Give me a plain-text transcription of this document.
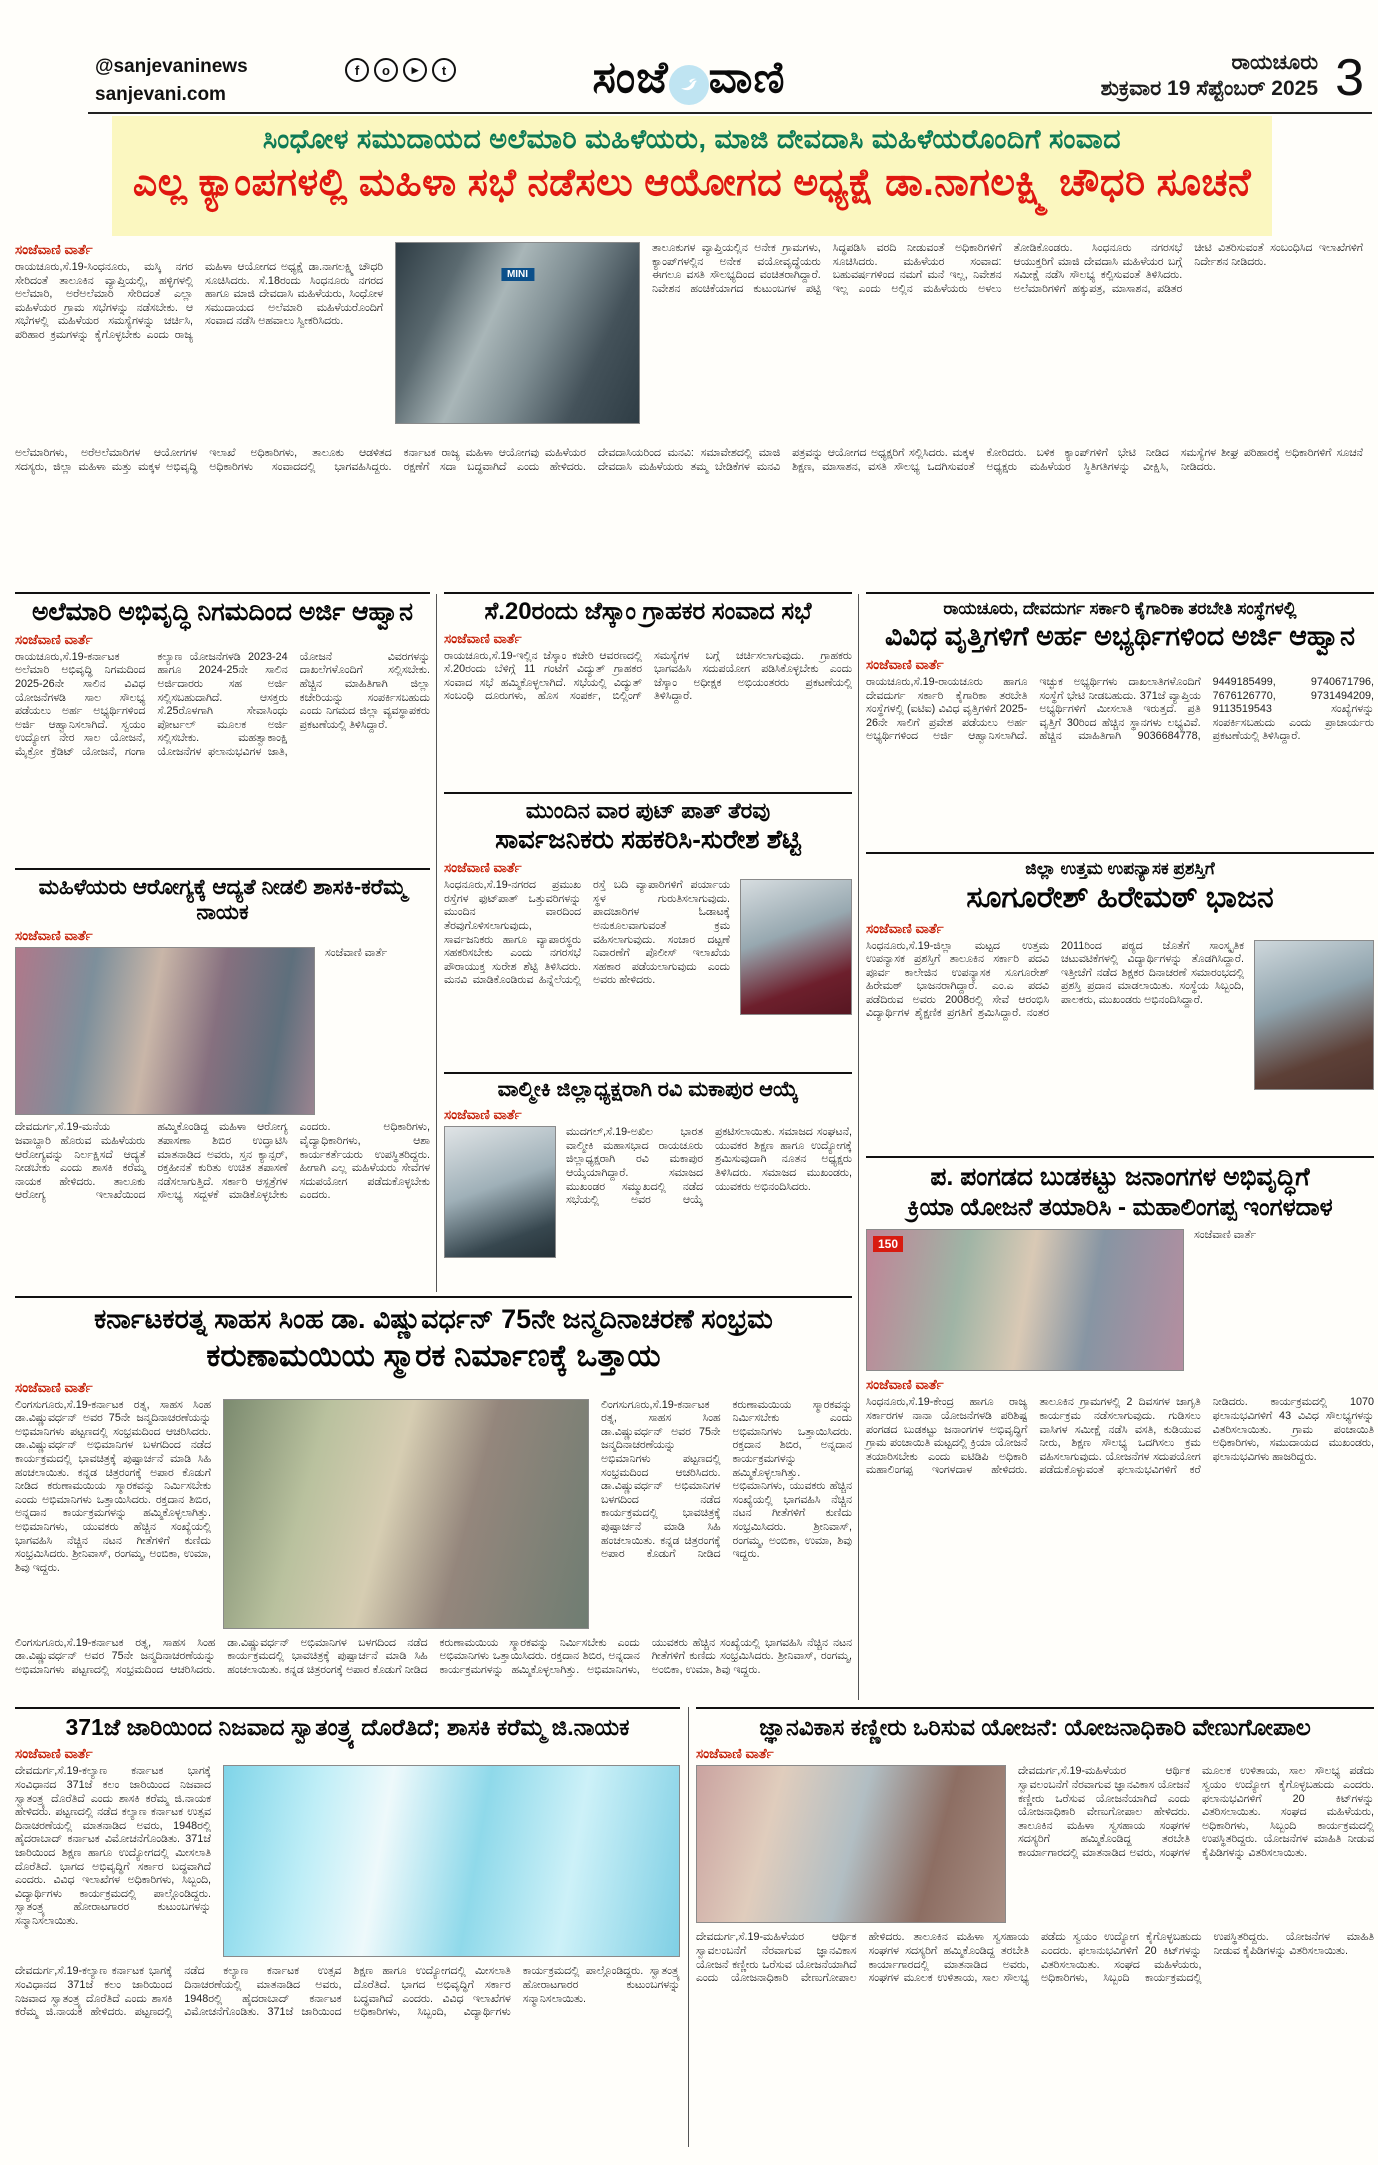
@sanjevaninews	f	o	▸	t
sanjevani.com	ಸಂಜೆ ವಾಣಿ	ರಾಯಚೂರು
ಶುಕ್ರವಾರ 19 ಸೆಪ್ಟೆಂಬರ್ 2025 3
ಸಿಂಧೋಳ ಸಮುದಾಯದ ಅಲೆಮಾರಿ ಮಹಿಳೆಯರು, ಮಾಜಿ ದೇವದಾಸಿ ಮಹಿಳೆಯರೊಂದಿಗೆ ಸಂವಾದ
ಎಲ್ಲ ಕ್ಯಾಂಪಗಳಲ್ಲಿ ಮಹಿಳಾ ಸಭೆ ನಡೆಸಲು ಆಯೋಗದ ಅಧ್ಯಕ್ಷೆ ಡಾ.ನಾಗಲಕ್ಷ್ಮಿ ಚೌಧರಿ ಸೂಚನೆ
ಸಂಜೆವಾಣಿ ವಾರ್ತೆ
ರಾಯಚೂರು,ಸೆ.19-ಸಿಂಧನೂರು, ಮಸ್ಕಿ ನಗರ ಸೇರಿದಂತೆ ತಾಲೂಕಿನ ವ್ಯಾಪ್ತಿಯಲ್ಲಿ, ಹಳ್ಳಿಗಳಲ್ಲಿ ಅಲೆಮಾರಿ, ಅರೆಅಲೆಮಾರಿ ಸೇರಿದಂತೆ ಎಲ್ಲಾ ಮಹಿಳೆಯರ ಗ್ರಾಮ ಸಭೆಗಳನ್ನು ನಡೆಸಬೇಕು. ಆ ಸಭೆಗಳಲ್ಲಿ ಮಹಿಳೆಯರ ಸಮಸ್ಯೆಗಳನ್ನು ಚರ್ಚಿಸಿ, ಪರಿಹಾರ ಕ್ರಮಗಳನ್ನು ಕೈಗೊಳ್ಳಬೇಕು ಎಂದು ರಾಜ್ಯ ಮಹಿಳಾ ಆಯೋಗದ ಅಧ್ಯಕ್ಷೆ ಡಾ.ನಾಗಲಕ್ಷ್ಮಿ ಚೌಧರಿ ಸೂಚಿಸಿದರು. ಸೆ.18ರಂದು ಸಿಂಧನೂರು ನಗರದ ಹಾಗೂ ಮಾಜಿ ದೇವದಾಸಿ ಮಹಿಳೆಯರು, ಸಿಂಧೋಳ ಸಮುದಾಯದ ಅಲೆಮಾರಿ ಮಹಿಳೆಯರೊಂದಿಗೆ ಸಂವಾದ ನಡೆಸಿ ಅಹವಾಲು ಸ್ವೀಕರಿಸಿದರು.
MINI
ತಾಲೂಕುಗಳ ವ್ಯಾಪ್ತಿಯಲ್ಲಿನ ಅನೇಕ ಗ್ರಾಮಗಳು, ಕ್ಯಾಂಪ್‌ಗಳಲ್ಲಿನ ಅನೇಕ ವಯೋವೃದ್ಧೆಯರು ಈಗಲೂ ವಸತಿ ಸೌಲಭ್ಯದಿಂದ ವಂಚಿತರಾಗಿದ್ದಾರೆ. ನಿವೇಶನ ಹಂಚಿಕೆಯಾಗದ ಕುಟುಂಬಗಳ ಪಟ್ಟಿ ಸಿದ್ಧಪಡಿಸಿ ವರದಿ ನೀಡುವಂತೆ ಅಧಿಕಾರಿಗಳಿಗೆ ಸೂಚಿಸಿದರು. ಮಹಿಳೆಯರ ಸಂವಾದ: ಬಹುವರ್ಷಗಳಿಂದ ನಮಗೆ ಮನೆ ಇಲ್ಲ, ನಿವೇಶನ ಇಲ್ಲ ಎಂದು ಅಲ್ಲಿನ ಮಹಿಳೆಯರು ಅಳಲು ತೋಡಿಕೊಂಡರು. ಸಿಂಧನೂರು ನಗರಸಭೆ ಆಯುಕ್ತರಿಗೆ ಮಾಜಿ ದೇವದಾಸಿ ಮಹಿಳೆಯರ ಬಗ್ಗೆ ಸಮೀಕ್ಷೆ ನಡೆಸಿ ಸೌಲಭ್ಯ ಕಲ್ಪಿಸುವಂತೆ ತಿಳಿಸಿದರು. ಅಲೆಮಾರಿಗಳಿಗೆ ಹಕ್ಕುಪತ್ರ, ಮಾಸಾಶನ, ಪಡಿತರ ಚೀಟಿ ವಿತರಿಸುವಂತೆ ಸಂಬಂಧಿಸಿದ ಇಲಾಖೆಗಳಿಗೆ ನಿರ್ದೇಶನ ನೀಡಿದರು.
ಅಲೆಮಾರಿಗಳು, ಅರೆಅಲೆಮಾರಿಗಳ ಆಯೋಗಗಳ ಸದಸ್ಯರು, ಜಿಲ್ಲಾ ಮಹಿಳಾ ಮತ್ತು ಮಕ್ಕಳ ಅಭಿವೃದ್ಧಿ ಇಲಾಖೆ ಅಧಿಕಾರಿಗಳು, ತಾಲೂಕು ಆಡಳಿತದ ಅಧಿಕಾರಿಗಳು ಸಂವಾದದಲ್ಲಿ ಭಾಗವಹಿಸಿದ್ದರು. ಕರ್ನಾಟಕ ರಾಜ್ಯ ಮಹಿಳಾ ಆಯೋಗವು ಮಹಿಳೆಯರ ರಕ್ಷಣೆಗೆ ಸದಾ ಬದ್ಧವಾಗಿದೆ ಎಂದು ಹೇಳಿದರು. ದೇವದಾಸಿಯರಿಂದ ಮನವಿ: ಸಮಾವೇಶದಲ್ಲಿ ಮಾಜಿ ದೇವದಾಸಿ ಮಹಿಳೆಯರು ತಮ್ಮ ಬೇಡಿಕೆಗಳ ಮನವಿ ಪತ್ರವನ್ನು ಆಯೋಗದ ಅಧ್ಯಕ್ಷರಿಗೆ ಸಲ್ಲಿಸಿದರು. ಮಕ್ಕಳ ಶಿಕ್ಷಣ, ಮಾಸಾಶನ, ವಸತಿ ಸೌಲಭ್ಯ ಒದಗಿಸುವಂತೆ ಕೋರಿದರು. ಬಳಿಕ ಕ್ಯಾಂಪ್‌ಗಳಿಗೆ ಭೇಟಿ ನೀಡಿದ ಅಧ್ಯಕ್ಷರು ಮಹಿಳೆಯರ ಸ್ಥಿತಿಗತಿಗಳನ್ನು ವೀಕ್ಷಿಸಿ, ಸಮಸ್ಯೆಗಳ ಶೀಘ್ರ ಪರಿಹಾರಕ್ಕೆ ಅಧಿಕಾರಿಗಳಿಗೆ ಸೂಚನೆ ನೀಡಿದರು.
ಅಲೆಮಾರಿ ಅಭಿವೃದ್ಧಿ ನಿಗಮದಿಂದ ಅರ್ಜಿ ಆಹ್ವಾನ
ಸಂಜೆವಾಣಿ ವಾರ್ತೆ
ರಾಯಚೂರು,ಸೆ.19-ಕರ್ನಾಟಕ ಅಲೆಮಾರಿ ಅಭಿವೃದ್ಧಿ ನಿಗಮದಿಂದ 2025-26ನೇ ಸಾಲಿನ ವಿವಿಧ ಯೋಜನೆಗಳಡಿ ಸಾಲ ಸೌಲಭ್ಯ ಪಡೆಯಲು ಅರ್ಹ ಅಭ್ಯರ್ಥಿಗಳಿಂದ ಅರ್ಜಿ ಆಹ್ವಾನಿಸಲಾಗಿದೆ. ಸ್ವಯಂ ಉದ್ಯೋಗ ನೇರ ಸಾಲ ಯೋಜನೆ, ಮೈಕ್ರೋ ಕ್ರೆಡಿಟ್ ಯೋಜನೆ, ಗಂಗಾ ಕಲ್ಯಾಣ ಯೋಜನೆಗಳಡಿ 2023-24 ಹಾಗೂ 2024-25ನೇ ಸಾಲಿನ ಅರ್ಜಿದಾರರು ಸಹ ಅರ್ಜಿ ಸಲ್ಲಿಸಬಹುದಾಗಿದೆ. ಆಸಕ್ತರು ಸೆ.25ರೊಳಗಾಗಿ ಸೇವಾಸಿಂಧು ಪೋರ್ಟಲ್ ಮೂಲಕ ಅರ್ಜಿ ಸಲ್ಲಿಸಬೇಕು. ಮಹತ್ವಾಕಾಂಕ್ಷಿ ಯೋಜನೆಗಳ ಫಲಾನುಭವಿಗಳ ಜಾತಿ, ಯೋಜನೆ ವಿವರಗಳನ್ನು ದಾಖಲೆಗಳೊಂದಿಗೆ ಸಲ್ಲಿಸಬೇಕು. ಹೆಚ್ಚಿನ ಮಾಹಿತಿಗಾಗಿ ಜಿಲ್ಲಾ ಕಚೇರಿಯನ್ನು ಸಂಪರ್ಕಿಸಬಹುದು ಎಂದು ನಿಗಮದ ಜಿಲ್ಲಾ ವ್ಯವಸ್ಥಾಪಕರು ಪ್ರಕಟಣೆಯಲ್ಲಿ ತಿಳಿಸಿದ್ದಾರೆ.
ಮಹಿಳೆಯರು ಆರೋಗ್ಯಕ್ಕೆ ಆದ್ಯತೆ ನೀಡಲಿ ಶಾಸಕಿ-ಕರೆಮ್ಮ ನಾಯಕ
ಸಂಜೆವಾಣಿ ವಾರ್ತೆ
ಸಂಜೆವಾಣಿ ವಾರ್ತೆ
ದೇವದುರ್ಗ,ಸೆ.19-ಮನೆಯ ಜವಾಬ್ದಾರಿ ಹೊರುವ ಮಹಿಳೆಯರು ಆರೋಗ್ಯವನ್ನು ನಿರ್ಲಕ್ಷಿಸದೆ ಆದ್ಯತೆ ನೀಡಬೇಕು ಎಂದು ಶಾಸಕಿ ಕರೆಮ್ಮ ನಾಯಕ ಹೇಳಿದರು. ತಾಲೂಕು ಆರೋಗ್ಯ ಇಲಾಖೆಯಿಂದ ಹಮ್ಮಿಕೊಂಡಿದ್ದ ಮಹಿಳಾ ಆರೋಗ್ಯ ತಪಾಸಣಾ ಶಿಬಿರ ಉದ್ಘಾಟಿಸಿ ಮಾತನಾಡಿದ ಅವರು, ಸ್ತನ ಕ್ಯಾನ್ಸರ್, ರಕ್ತಹೀನತೆ ಕುರಿತು ಉಚಿತ ತಪಾಸಣೆ ನಡೆಸಲಾಗುತ್ತಿದೆ. ಸರ್ಕಾರಿ ಆಸ್ಪತ್ರೆಗಳ ಸೌಲಭ್ಯ ಸದ್ಬಳಕೆ ಮಾಡಿಕೊಳ್ಳಬೇಕು ಎಂದರು. ಅಧಿಕಾರಿಗಳು, ವೈದ್ಯಾಧಿಕಾರಿಗಳು, ಆಶಾ ಕಾರ್ಯಕರ್ತೆಯರು ಉಪಸ್ಥಿತರಿದ್ದರು. ಹೀಗಾಗಿ ಎಲ್ಲ ಮಹಿಳೆಯರು ಸೇವೆಗಳ ಸದುಪಯೋಗ ಪಡೆದುಕೊಳ್ಳಬೇಕು ಎಂದರು.
ಸೆ.20ರಂದು ಜೆಸ್ಕಾಂ ಗ್ರಾಹಕರ ಸಂವಾದ ಸಭೆ
ಸಂಜೆವಾಣಿ ವಾರ್ತೆ
ರಾಯಚೂರು,ಸೆ.19-ಇಲ್ಲಿನ ಜೆಸ್ಕಾಂ ಕಚೇರಿ ಆವರಣದಲ್ಲಿ ಸೆ.20ರಂದು ಬೆಳಿಗ್ಗೆ 11 ಗಂಟೆಗೆ ವಿದ್ಯುತ್ ಗ್ರಾಹಕರ ಸಂವಾದ ಸಭೆ ಹಮ್ಮಿಕೊಳ್ಳಲಾಗಿದೆ. ಸಭೆಯಲ್ಲಿ ವಿದ್ಯುತ್ ಸಂಬಂಧಿ ದೂರುಗಳು, ಹೊಸ ಸಂಪರ್ಕ, ಬಿಲ್ಲಿಂಗ್ ಸಮಸ್ಯೆಗಳ ಬಗ್ಗೆ ಚರ್ಚಿಸಲಾಗುವುದು. ಗ್ರಾಹಕರು ಭಾಗವಹಿಸಿ ಸದುಪಯೋಗ ಪಡಿಸಿಕೊಳ್ಳಬೇಕು ಎಂದು ಜೆಸ್ಕಾಂ ಅಧೀಕ್ಷಕ ಅಭಿಯಂತರರು ಪ್ರಕಟಣೆಯಲ್ಲಿ ತಿಳಿಸಿದ್ದಾರೆ.
ಮುಂದಿನ ವಾರ ಪುಟ್ ಪಾತ್ ತೆರವು
ಸಾರ್ವಜನಿಕರು ಸಹಕರಿಸಿ-ಸುರೇಶ ಶೆಟ್ಟಿ
ಸಂಜೆವಾಣಿ ವಾರ್ತೆ
ಸಿಂಧನೂರು,ಸೆ.19-ನಗರದ ಪ್ರಮುಖ ರಸ್ತೆಗಳ ಫುಟ್‌ಪಾತ್ ಒತ್ತುವರಿಗಳನ್ನು ಮುಂದಿನ ವಾರದಿಂದ ತೆರವುಗೊಳಿಸಲಾಗುವುದು, ಸಾರ್ವಜನಿಕರು ಹಾಗೂ ವ್ಯಾಪಾರಸ್ಥರು ಸಹಕರಿಸಬೇಕು ಎಂದು ನಗರಸಭೆ ಪೌರಾಯುಕ್ತ ಸುರೇಶ ಶೆಟ್ಟಿ ತಿಳಿಸಿದರು. ಮನವಿ ಮಾಡಿಕೊಂಡಿರುವ ಹಿನ್ನೆಲೆಯಲ್ಲಿ ರಸ್ತೆ ಬದಿ ವ್ಯಾಪಾರಿಗಳಿಗೆ ಪರ್ಯಾಯ ಸ್ಥಳ ಗುರುತಿಸಲಾಗುವುದು. ಪಾದಚಾರಿಗಳ ಓಡಾಟಕ್ಕೆ ಅನುಕೂಲವಾಗುವಂತೆ ಕ್ರಮ ವಹಿಸಲಾಗುವುದು. ಸಂಚಾರ ದಟ್ಟಣೆ ನಿವಾರಣೆಗೆ ಪೊಲೀಸ್ ಇಲಾಖೆಯ ಸಹಕಾರ ಪಡೆಯಲಾಗುವುದು ಎಂದು ಅವರು ಹೇಳಿದರು.
ವಾಲ್ಮೀಕಿ ಜಿಲ್ಲಾಧ್ಯಕ್ಷರಾಗಿ ರವಿ ಮಕಾಪುರ ಆಯ್ಕೆ
ಸಂಜೆವಾಣಿ ವಾರ್ತೆ
ಮುದಗಲ್,ಸೆ.19-ಅಖಿಲ ಭಾರತ ವಾಲ್ಮೀಕಿ ಮಹಾಸಭಾದ ರಾಯಚೂರು ಜಿಲ್ಲಾಧ್ಯಕ್ಷರಾಗಿ ರವಿ ಮಕಾಪುರ ಆಯ್ಕೆಯಾಗಿದ್ದಾರೆ. ಸಮಾಜದ ಮುಖಂಡರ ಸಮ್ಮುಖದಲ್ಲಿ ನಡೆದ ಸಭೆಯಲ್ಲಿ ಅವರ ಆಯ್ಕೆ ಪ್ರಕಟಿಸಲಾಯಿತು. ಸಮಾಜದ ಸಂಘಟನೆ, ಯುವಕರ ಶಿಕ್ಷಣ ಹಾಗೂ ಉದ್ಯೋಗಕ್ಕೆ ಶ್ರಮಿಸುವುದಾಗಿ ನೂತನ ಅಧ್ಯಕ್ಷರು ತಿಳಿಸಿದರು. ಸಮಾಜದ ಮುಖಂಡರು, ಯುವಕರು ಅಭಿನಂದಿಸಿದರು.
ರಾಯಚೂರು, ದೇವದುರ್ಗ ಸರ್ಕಾರಿ ಕೈಗಾರಿಕಾ ತರಬೇತಿ ಸಂಸ್ಥೆಗಳಲ್ಲಿ
ವಿವಿಧ ವೃತ್ತಿಗಳಿಗೆ ಅರ್ಹ ಅಭ್ಯರ್ಥಿಗಳಿಂದ ಅರ್ಜಿ ಆಹ್ವಾನ
ಸಂಜೆವಾಣಿ ವಾರ್ತೆ
ರಾಯಚೂರು,ಸೆ.19-ರಾಯಚೂರು ಹಾಗೂ ದೇವದುರ್ಗ ಸರ್ಕಾರಿ ಕೈಗಾರಿಕಾ ತರಬೇತಿ ಸಂಸ್ಥೆಗಳಲ್ಲಿ (ಐಟಿಐ) ವಿವಿಧ ವೃತ್ತಿಗಳಿಗೆ 2025-26ನೇ ಸಾಲಿಗೆ ಪ್ರವೇಶ ಪಡೆಯಲು ಅರ್ಹ ಅಭ್ಯರ್ಥಿಗಳಿಂದ ಅರ್ಜಿ ಆಹ್ವಾನಿಸಲಾಗಿದೆ. ಇಚ್ಛುಕ ಅಭ್ಯರ್ಥಿಗಳು ದಾಖಲಾತಿಗಳೊಂದಿಗೆ ಸಂಸ್ಥೆಗೆ ಭೇಟಿ ನೀಡಬಹುದು. 371ಜೆ ವ್ಯಾಪ್ತಿಯ ಅಭ್ಯರ್ಥಿಗಳಿಗೆ ಮೀಸಲಾತಿ ಇರುತ್ತದೆ. ಪ್ರತಿ ವೃತ್ತಿಗೆ 30ರಿಂದ ಹೆಚ್ಚಿನ ಸ್ಥಾನಗಳು ಲಭ್ಯವಿವೆ. ಹೆಚ್ಚಿನ ಮಾಹಿತಿಗಾಗಿ 9036684778, 9449185499, 9740671796, 7676126770, 9731494209, 9113519543 ಸಂಖ್ಯೆಗಳನ್ನು ಸಂಪರ್ಕಿಸಬಹುದು ಎಂದು ಪ್ರಾಚಾರ್ಯರು ಪ್ರಕಟಣೆಯಲ್ಲಿ ತಿಳಿಸಿದ್ದಾರೆ.
ಜಿಲ್ಲಾ ಉತ್ತಮ ಉಪನ್ಯಾಸಕ ಪ್ರಶಸ್ತಿಗೆ
ಸೂಗೂರೇಶ್ ಹಿರೇಮಠ್ ಭಾಜನ
ಸಂಜೆವಾಣಿ ವಾರ್ತೆ
ಸಿಂಧನೂರು,ಸೆ.19-ಜಿಲ್ಲಾ ಮಟ್ಟದ ಉತ್ತಮ ಉಪನ್ಯಾಸಕ ಪ್ರಶಸ್ತಿಗೆ ತಾಲೂಕಿನ ಸರ್ಕಾರಿ ಪದವಿ ಪೂರ್ವ ಕಾಲೇಜಿನ ಉಪನ್ಯಾಸಕ ಸೂಗೂರೇಶ್ ಹಿರೇಮಠ್ ಭಾಜನರಾಗಿದ್ದಾರೆ. ಎಂ.ಎ ಪದವಿ ಪಡೆದಿರುವ ಅವರು 2008ರಲ್ಲಿ ಸೇವೆ ಆರಂಭಿಸಿ ವಿದ್ಯಾರ್ಥಿಗಳ ಶೈಕ್ಷಣಿಕ ಪ್ರಗತಿಗೆ ಶ್ರಮಿಸಿದ್ದಾರೆ. ನಂತರ 2011ರಿಂದ ಪಠ್ಯದ ಜೊತೆಗೆ ಸಾಂಸ್ಕೃತಿಕ ಚಟುವಟಿಕೆಗಳಲ್ಲಿ ವಿದ್ಯಾರ್ಥಿಗಳನ್ನು ತೊಡಗಿಸಿದ್ದಾರೆ. ಇತ್ತೀಚೆಗೆ ನಡೆದ ಶಿಕ್ಷಕರ ದಿನಾಚರಣೆ ಸಮಾರಂಭದಲ್ಲಿ ಪ್ರಶಸ್ತಿ ಪ್ರದಾನ ಮಾಡಲಾಯಿತು. ಸಂಸ್ಥೆಯ ಸಿಬ್ಬಂದಿ, ಪಾಲಕರು, ಮುಖಂಡರು ಅಭಿನಂದಿಸಿದ್ದಾರೆ.
ಪ. ಪಂಗಡದ ಬುಡಕಟ್ಟು ಜನಾಂಗಗಳ ಅಭಿವೃದ್ಧಿಗೆ
ಕ್ರಿಯಾ ಯೋಜನೆ ತಯಾರಿಸಿ - ಮಹಾಲಿಂಗಪ್ಪ ಇಂಗಳದಾಳ
150
ಸಂಜೆವಾಣಿ ವಾರ್ತೆ
ಸಂಜೆವಾಣಿ ವಾರ್ತೆ
ಸಿಂಧನೂರು,ಸೆ.19-ಕೇಂದ್ರ ಹಾಗೂ ರಾಜ್ಯ ಸರ್ಕಾರಗಳ ನಾನಾ ಯೋಜನೆಗಳಡಿ ಪರಿಶಿಷ್ಟ ಪಂಗಡದ ಬುಡಕಟ್ಟು ಜನಾಂಗಗಳ ಅಭಿವೃದ್ಧಿಗೆ ಗ್ರಾಮ ಪಂಚಾಯಿತಿ ಮಟ್ಟದಲ್ಲಿ ಕ್ರಿಯಾ ಯೋಜನೆ ತಯಾರಿಸಬೇಕು ಎಂದು ಐಟಿಡಿಪಿ ಅಧಿಕಾರಿ ಮಹಾಲಿಂಗಪ್ಪ ಇಂಗಳದಾಳ ಹೇಳಿದರು. ತಾಲೂಕಿನ ಗ್ರಾಮಗಳಲ್ಲಿ 2 ದಿವಸಗಳ ಜಾಗೃತಿ ಕಾರ್ಯಕ್ರಮ ನಡೆಸಲಾಗುವುದು. ಗುಡಿಸಲು ವಾಸಿಗಳ ಸಮೀಕ್ಷೆ ನಡೆಸಿ ವಸತಿ, ಕುಡಿಯುವ ನೀರು, ಶಿಕ್ಷಣ ಸೌಲಭ್ಯ ಒದಗಿಸಲು ಕ್ರಮ ವಹಿಸಲಾಗುವುದು. ಯೋಜನೆಗಳ ಸದುಪಯೋಗ ಪಡೆದುಕೊಳ್ಳುವಂತೆ ಫಲಾನುಭವಿಗಳಿಗೆ ಕರೆ ನೀಡಿದರು. ಕಾರ್ಯಕ್ರಮದಲ್ಲಿ 1070 ಫಲಾನುಭವಿಗಳಿಗೆ 43 ವಿವಿಧ ಸೌಲಭ್ಯಗಳನ್ನು ವಿತರಿಸಲಾಯಿತು. ಗ್ರಾಮ ಪಂಚಾಯಿತಿ ಅಧಿಕಾರಿಗಳು, ಸಮುದಾಯದ ಮುಖಂಡರು, ಫಲಾನುಭವಿಗಳು ಹಾಜರಿದ್ದರು.
ಕರ್ನಾಟಕರತ್ನ ಸಾಹಸ ಸಿಂಹ ಡಾ. ವಿಷ್ಣುವರ್ಧನ್ 75ನೇ ಜನ್ಮದಿನಾಚರಣೆ ಸಂಭ್ರಮ
ಕರುಣಾಮಯಿಯ ಸ್ಮಾರಕ ನಿರ್ಮಾಣಕ್ಕೆ ಒತ್ತಾಯ
ಸಂಜೆವಾಣಿ ವಾರ್ತೆ
ಲಿಂಗಸುಗೂರು,ಸೆ.19-ಕರ್ನಾಟಕ ರತ್ನ, ಸಾಹಸ ಸಿಂಹ ಡಾ.ವಿಷ್ಣುವರ್ಧನ್ ಅವರ 75ನೇ ಜನ್ಮದಿನಾಚರಣೆಯನ್ನು ಅಭಿಮಾನಿಗಳು ಪಟ್ಟಣದಲ್ಲಿ ಸಂಭ್ರಮದಿಂದ ಆಚರಿಸಿದರು. ಡಾ.ವಿಷ್ಣುವರ್ಧನ್ ಅಭಿಮಾನಿಗಳ ಬಳಗದಿಂದ ನಡೆದ ಕಾರ್ಯಕ್ರಮದಲ್ಲಿ ಭಾವಚಿತ್ರಕ್ಕೆ ಪುಷ್ಪಾರ್ಚನೆ ಮಾಡಿ ಸಿಹಿ ಹಂಚಲಾಯಿತು. ಕನ್ನಡ ಚಿತ್ರರಂಗಕ್ಕೆ ಅಪಾರ ಕೊಡುಗೆ ನೀಡಿದ ಕರುಣಾಮಯಿಯ ಸ್ಮಾರಕವನ್ನು ನಿರ್ಮಿಸಬೇಕು ಎಂದು ಅಭಿಮಾನಿಗಳು ಒತ್ತಾಯಿಸಿದರು. ರಕ್ತದಾನ ಶಿಬಿರ, ಅನ್ನದಾನ ಕಾರ್ಯಕ್ರಮಗಳನ್ನು ಹಮ್ಮಿಕೊಳ್ಳಲಾಗಿತ್ತು. ಅಭಿಮಾನಿಗಳು, ಯುವಕರು ಹೆಚ್ಚಿನ ಸಂಖ್ಯೆಯಲ್ಲಿ ಭಾಗವಹಿಸಿ ನೆಚ್ಚಿನ ನಟನ ಗೀತೆಗಳಿಗೆ ಕುಣಿದು ಸಂಭ್ರಮಿಸಿದರು. ಶ್ರೀನಿವಾಸ್, ರಂಗಮ್ಮ, ಅಂಬಿಕಾ, ಉಮಾ, ಶಿವು ಇದ್ದರು.
ಲಿಂಗಸುಗೂರು,ಸೆ.19-ಕರ್ನಾಟಕ ರತ್ನ, ಸಾಹಸ ಸಿಂಹ ಡಾ.ವಿಷ್ಣುವರ್ಧನ್ ಅವರ 75ನೇ ಜನ್ಮದಿನಾಚರಣೆಯನ್ನು ಅಭಿಮಾನಿಗಳು ಪಟ್ಟಣದಲ್ಲಿ ಸಂಭ್ರಮದಿಂದ ಆಚರಿಸಿದರು. ಡಾ.ವಿಷ್ಣುವರ್ಧನ್ ಅಭಿಮಾನಿಗಳ ಬಳಗದಿಂದ ನಡೆದ ಕಾರ್ಯಕ್ರಮದಲ್ಲಿ ಭಾವಚಿತ್ರಕ್ಕೆ ಪುಷ್ಪಾರ್ಚನೆ ಮಾಡಿ ಸಿಹಿ ಹಂಚಲಾಯಿತು. ಕನ್ನಡ ಚಿತ್ರರಂಗಕ್ಕೆ ಅಪಾರ ಕೊಡುಗೆ ನೀಡಿದ ಕರುಣಾಮಯಿಯ ಸ್ಮಾರಕವನ್ನು ನಿರ್ಮಿಸಬೇಕು ಎಂದು ಅಭಿಮಾನಿಗಳು ಒತ್ತಾಯಿಸಿದರು. ರಕ್ತದಾನ ಶಿಬಿರ, ಅನ್ನದಾನ ಕಾರ್ಯಕ್ರಮಗಳನ್ನು ಹಮ್ಮಿಕೊಳ್ಳಲಾಗಿತ್ತು. ಅಭಿಮಾನಿಗಳು, ಯುವಕರು ಹೆಚ್ಚಿನ ಸಂಖ್ಯೆಯಲ್ಲಿ ಭಾಗವಹಿಸಿ ನೆಚ್ಚಿನ ನಟನ ಗೀತೆಗಳಿಗೆ ಕುಣಿದು ಸಂಭ್ರಮಿಸಿದರು. ಶ್ರೀನಿವಾಸ್, ರಂಗಮ್ಮ, ಅಂಬಿಕಾ, ಉಮಾ, ಶಿವು ಇದ್ದರು.
ಲಿಂಗಸುಗೂರು,ಸೆ.19-ಕರ್ನಾಟಕ ರತ್ನ, ಸಾಹಸ ಸಿಂಹ ಡಾ.ವಿಷ್ಣುವರ್ಧನ್ ಅವರ 75ನೇ ಜನ್ಮದಿನಾಚರಣೆಯನ್ನು ಅಭಿಮಾನಿಗಳು ಪಟ್ಟಣದಲ್ಲಿ ಸಂಭ್ರಮದಿಂದ ಆಚರಿಸಿದರು. ಡಾ.ವಿಷ್ಣುವರ್ಧನ್ ಅಭಿಮಾನಿಗಳ ಬಳಗದಿಂದ ನಡೆದ ಕಾರ್ಯಕ್ರಮದಲ್ಲಿ ಭಾವಚಿತ್ರಕ್ಕೆ ಪುಷ್ಪಾರ್ಚನೆ ಮಾಡಿ ಸಿಹಿ ಹಂಚಲಾಯಿತು. ಕನ್ನಡ ಚಿತ್ರರಂಗಕ್ಕೆ ಅಪಾರ ಕೊಡುಗೆ ನೀಡಿದ ಕರುಣಾಮಯಿಯ ಸ್ಮಾರಕವನ್ನು ನಿರ್ಮಿಸಬೇಕು ಎಂದು ಅಭಿಮಾನಿಗಳು ಒತ್ತಾಯಿಸಿದರು. ರಕ್ತದಾನ ಶಿಬಿರ, ಅನ್ನದಾನ ಕಾರ್ಯಕ್ರಮಗಳನ್ನು ಹಮ್ಮಿಕೊಳ್ಳಲಾಗಿತ್ತು. ಅಭಿಮಾನಿಗಳು, ಯುವಕರು ಹೆಚ್ಚಿನ ಸಂಖ್ಯೆಯಲ್ಲಿ ಭಾಗವಹಿಸಿ ನೆಚ್ಚಿನ ನಟನ ಗೀತೆಗಳಿಗೆ ಕುಣಿದು ಸಂಭ್ರಮಿಸಿದರು. ಶ್ರೀನಿವಾಸ್, ರಂಗಮ್ಮ, ಅಂಬಿಕಾ, ಉಮಾ, ಶಿವು ಇದ್ದರು.
371ಜೆ ಜಾರಿಯಿಂದ ನಿಜವಾದ ಸ್ವಾತಂತ್ರ್ಯ ದೊರೆತಿದೆ; ಶಾಸಕಿ ಕರೆಮ್ಮ ಜಿ.ನಾಯಕ
ಸಂಜೆವಾಣಿ ವಾರ್ತೆ
ದೇವದುರ್ಗ,ಸೆ.19-ಕಲ್ಯಾಣ ಕರ್ನಾಟಕ ಭಾಗಕ್ಕೆ ಸಂವಿಧಾನದ 371ಜೆ ಕಲಂ ಜಾರಿಯಿಂದ ನಿಜವಾದ ಸ್ವಾತಂತ್ರ್ಯ ದೊರೆತಿದೆ ಎಂದು ಶಾಸಕಿ ಕರೆಮ್ಮ ಜಿ.ನಾಯಕ ಹೇಳಿದರು. ಪಟ್ಟಣದಲ್ಲಿ ನಡೆದ ಕಲ್ಯಾಣ ಕರ್ನಾಟಕ ಉತ್ಸವ ದಿನಾಚರಣೆಯಲ್ಲಿ ಮಾತನಾಡಿದ ಅವರು, 1948ರಲ್ಲಿ ಹೈದರಾಬಾದ್ ಕರ್ನಾಟಕ ವಿಮೋಚನೆಗೊಂಡಿತು. 371ಜೆ ಜಾರಿಯಿಂದ ಶಿಕ್ಷಣ ಹಾಗೂ ಉದ್ಯೋಗದಲ್ಲಿ ಮೀಸಲಾತಿ ದೊರೆತಿದೆ. ಭಾಗದ ಅಭಿವೃದ್ಧಿಗೆ ಸರ್ಕಾರ ಬದ್ಧವಾಗಿದೆ ಎಂದರು. ವಿವಿಧ ಇಲಾಖೆಗಳ ಅಧಿಕಾರಿಗಳು, ಸಿಬ್ಬಂದಿ, ವಿದ್ಯಾರ್ಥಿಗಳು ಕಾರ್ಯಕ್ರಮದಲ್ಲಿ ಪಾಲ್ಗೊಂಡಿದ್ದರು. ಸ್ವಾತಂತ್ರ್ಯ ಹೋರಾಟಗಾರರ ಕುಟುಂಬಗಳನ್ನು ಸನ್ಮಾನಿಸಲಾಯಿತು.
ದೇವದುರ್ಗ,ಸೆ.19-ಕಲ್ಯಾಣ ಕರ್ನಾಟಕ ಭಾಗಕ್ಕೆ ಸಂವಿಧಾನದ 371ಜೆ ಕಲಂ ಜಾರಿಯಿಂದ ನಿಜವಾದ ಸ್ವಾತಂತ್ರ್ಯ ದೊರೆತಿದೆ ಎಂದು ಶಾಸಕಿ ಕರೆಮ್ಮ ಜಿ.ನಾಯಕ ಹೇಳಿದರು. ಪಟ್ಟಣದಲ್ಲಿ ನಡೆದ ಕಲ್ಯಾಣ ಕರ್ನಾಟಕ ಉತ್ಸವ ದಿನಾಚರಣೆಯಲ್ಲಿ ಮಾತನಾಡಿದ ಅವರು, 1948ರಲ್ಲಿ ಹೈದರಾಬಾದ್ ಕರ್ನಾಟಕ ವಿಮೋಚನೆಗೊಂಡಿತು. 371ಜೆ ಜಾರಿಯಿಂದ ಶಿಕ್ಷಣ ಹಾಗೂ ಉದ್ಯೋಗದಲ್ಲಿ ಮೀಸಲಾತಿ ದೊರೆತಿದೆ. ಭಾಗದ ಅಭಿವೃದ್ಧಿಗೆ ಸರ್ಕಾರ ಬದ್ಧವಾಗಿದೆ ಎಂದರು. ವಿವಿಧ ಇಲಾಖೆಗಳ ಅಧಿಕಾರಿಗಳು, ಸಿಬ್ಬಂದಿ, ವಿದ್ಯಾರ್ಥಿಗಳು ಕಾರ್ಯಕ್ರಮದಲ್ಲಿ ಪಾಲ್ಗೊಂಡಿದ್ದರು. ಸ್ವಾತಂತ್ರ್ಯ ಹೋರಾಟಗಾರರ ಕುಟುಂಬಗಳನ್ನು ಸನ್ಮಾನಿಸಲಾಯಿತು.
ಜ್ಞಾನವಿಕಾಸ ಕಣ್ಣೀರು ಒರಿಸುವ ಯೋಜನೆ: ಯೋಜನಾಧಿಕಾರಿ ವೇಣುಗೋಪಾಲ
ಸಂಜೆವಾಣಿ ವಾರ್ತೆ
ದೇವದುರ್ಗ,ಸೆ.19-ಮಹಿಳೆಯರ ಆರ್ಥಿಕ ಸ್ವಾವಲಂಬನೆಗೆ ನೆರವಾಗುವ ಜ್ಞಾನವಿಕಾಸ ಯೋಜನೆ ಕಣ್ಣೀರು ಒರೆಸುವ ಯೋಜನೆಯಾಗಿದೆ ಎಂದು ಯೋಜನಾಧಿಕಾರಿ ವೇಣುಗೋಪಾಲ ಹೇಳಿದರು. ತಾಲೂಕಿನ ಮಹಿಳಾ ಸ್ವಸಹಾಯ ಸಂಘಗಳ ಸದಸ್ಯರಿಗೆ ಹಮ್ಮಿಕೊಂಡಿದ್ದ ತರಬೇತಿ ಕಾರ್ಯಾಗಾರದಲ್ಲಿ ಮಾತನಾಡಿದ ಅವರು, ಸಂಘಗಳ ಮೂಲಕ ಉಳಿತಾಯ, ಸಾಲ ಸೌಲಭ್ಯ ಪಡೆದು ಸ್ವಯಂ ಉದ್ಯೋಗ ಕೈಗೊಳ್ಳಬಹುದು ಎಂದರು. ಫಲಾನುಭವಿಗಳಿಗೆ 20 ಕಿಟ್‌ಗಳನ್ನು ವಿತರಿಸಲಾಯಿತು. ಸಂಘದ ಮಹಿಳೆಯರು, ಅಧಿಕಾರಿಗಳು, ಸಿಬ್ಬಂದಿ ಕಾರ್ಯಕ್ರಮದಲ್ಲಿ ಉಪಸ್ಥಿತರಿದ್ದರು. ಯೋಜನೆಗಳ ಮಾಹಿತಿ ನೀಡುವ ಕೈಪಿಡಿಗಳನ್ನು ವಿತರಿಸಲಾಯಿತು.
ದೇವದುರ್ಗ,ಸೆ.19-ಮಹಿಳೆಯರ ಆರ್ಥಿಕ ಸ್ವಾವಲಂಬನೆಗೆ ನೆರವಾಗುವ ಜ್ಞಾನವಿಕಾಸ ಯೋಜನೆ ಕಣ್ಣೀರು ಒರೆಸುವ ಯೋಜನೆಯಾಗಿದೆ ಎಂದು ಯೋಜನಾಧಿಕಾರಿ ವೇಣುಗೋಪಾಲ ಹೇಳಿದರು. ತಾಲೂಕಿನ ಮಹಿಳಾ ಸ್ವಸಹಾಯ ಸಂಘಗಳ ಸದಸ್ಯರಿಗೆ ಹಮ್ಮಿಕೊಂಡಿದ್ದ ತರಬೇತಿ ಕಾರ್ಯಾಗಾರದಲ್ಲಿ ಮಾತನಾಡಿದ ಅವರು, ಸಂಘಗಳ ಮೂಲಕ ಉಳಿತಾಯ, ಸಾಲ ಸೌಲಭ್ಯ ಪಡೆದು ಸ್ವಯಂ ಉದ್ಯೋಗ ಕೈಗೊಳ್ಳಬಹುದು ಎಂದರು. ಫಲಾನುಭವಿಗಳಿಗೆ 20 ಕಿಟ್‌ಗಳನ್ನು ವಿತರಿಸಲಾಯಿತು. ಸಂಘದ ಮಹಿಳೆಯರು, ಅಧಿಕಾರಿಗಳು, ಸಿಬ್ಬಂದಿ ಕಾರ್ಯಕ್ರಮದಲ್ಲಿ ಉಪಸ್ಥಿತರಿದ್ದರು. ಯೋಜನೆಗಳ ಮಾಹಿತಿ ನೀಡುವ ಕೈಪಿಡಿಗಳನ್ನು ವಿತರಿಸಲಾಯಿತು.
